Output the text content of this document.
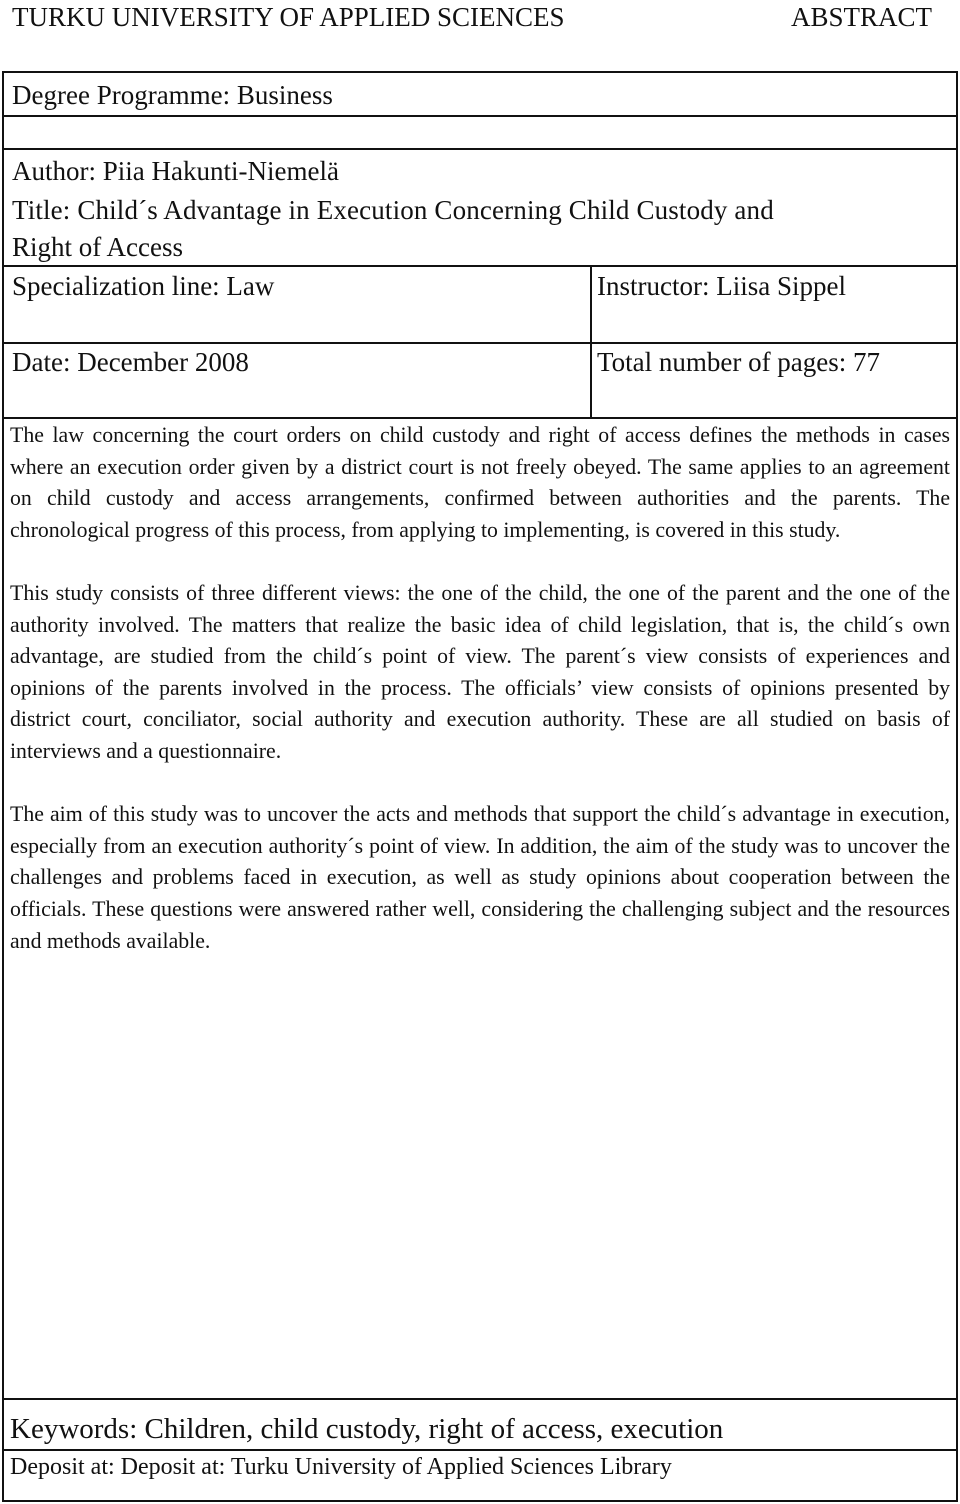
TURKU UNIVERSITY OF APPLIED SCIENCES	ABSTRACT
Degree Programme: Business
Author: Piia Hakunti-Niemelä
Title: Child´s Advantage in Execution Concerning Child Custody and
Right of Access
Specialization line: Law	Instructor: Liisa Sippel
Date: December 2008	Total number of pages: 77

The law concerning the court orders on child custody and right of access defines the methods in cases where an execution order given by a district court is not freely obeyed. The same applies to an agreement on child custody and access arrangements, confirmed between authorities and the parents. The chronological progress of this process, from applying to implementing, is covered in this study.

This study consists of three different views: the one of the child, the one of the parent and the one of the authority involved. The matters that realize the basic idea of child legislation, that is, the child´s own advantage, are studied from the child´s point of view. The parent´s view consists of experiences and opinions of the parents involved in the process. The officials’ view consists of opinions presented by district court, conciliator, social authority and execution authority. These are all studied on basis of interviews and a questionnaire.

The aim of this study was to uncover the acts and methods that support the child´s advantage in execution, especially from an execution authority´s point of view. In addition, the aim of the study was to uncover the challenges and problems faced in execution, as well as study opinions about cooperation between the officials. These questions were answered rather well, considering the challenging subject and the resources and methods available.

Keywords: Children, child custody, right of access, execution
Deposit at: Deposit at: Turku University of Applied Sciences Library
